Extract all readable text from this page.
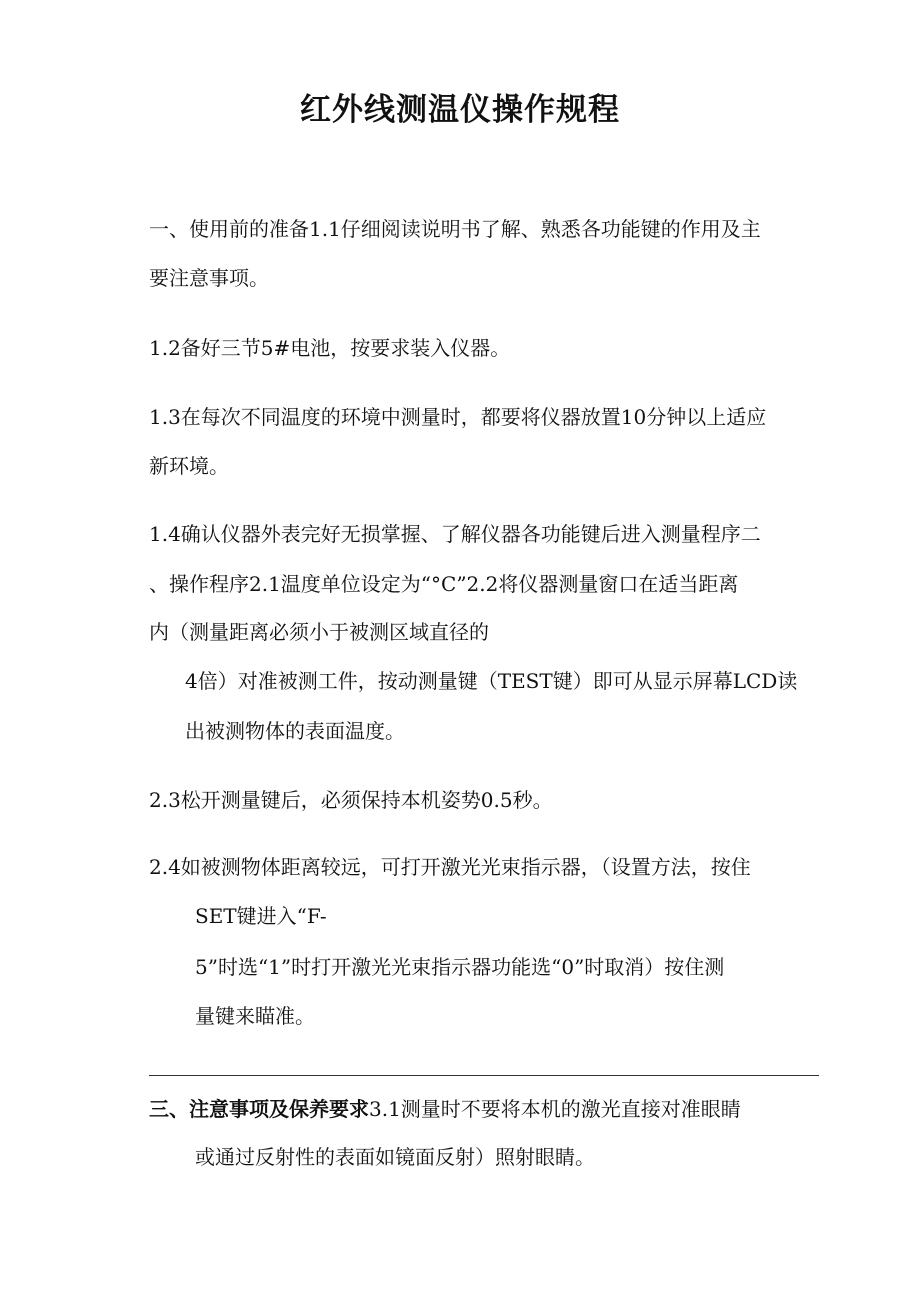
红外线测温仪操作规程
一、使用前的准备1.1仔细阅读说明书了解、熟悉各功能键的作用及主
要注意事项。
1.2备好三节5#电池，按要求装入仪器。
1.3在每次不同温度的环境中测量时，都要将仪器放置10分钟以上适应
新环境。
1.4确认仪器外表完好无损掌握、了解仪器各功能键后进入测量程序二
、操作程序2.1温度单位设定为“°C”2.2将仪器测量窗口在适当距离
内（测量距离必须小于被测区域直径的
4倍）对准被测工件，按动测量键（TEST键）即可从显示屏幕LCD读
出被测物体的表面温度。
2.3松开测量键后，必须保持本机姿势0.5秒。
2.4如被测物体距离较远，可打开激光光束指示器，（设置方法，按住
SET键进入“F-
5”时选“1”时打开激光光束指示器功能选“0”时取消）按住测
量键来瞄准。
三、注意事项及保养要求3.1测量时不要将本机的激光直接对准眼睛
或通过反射性的表面如镜面反射）照射眼睛。
